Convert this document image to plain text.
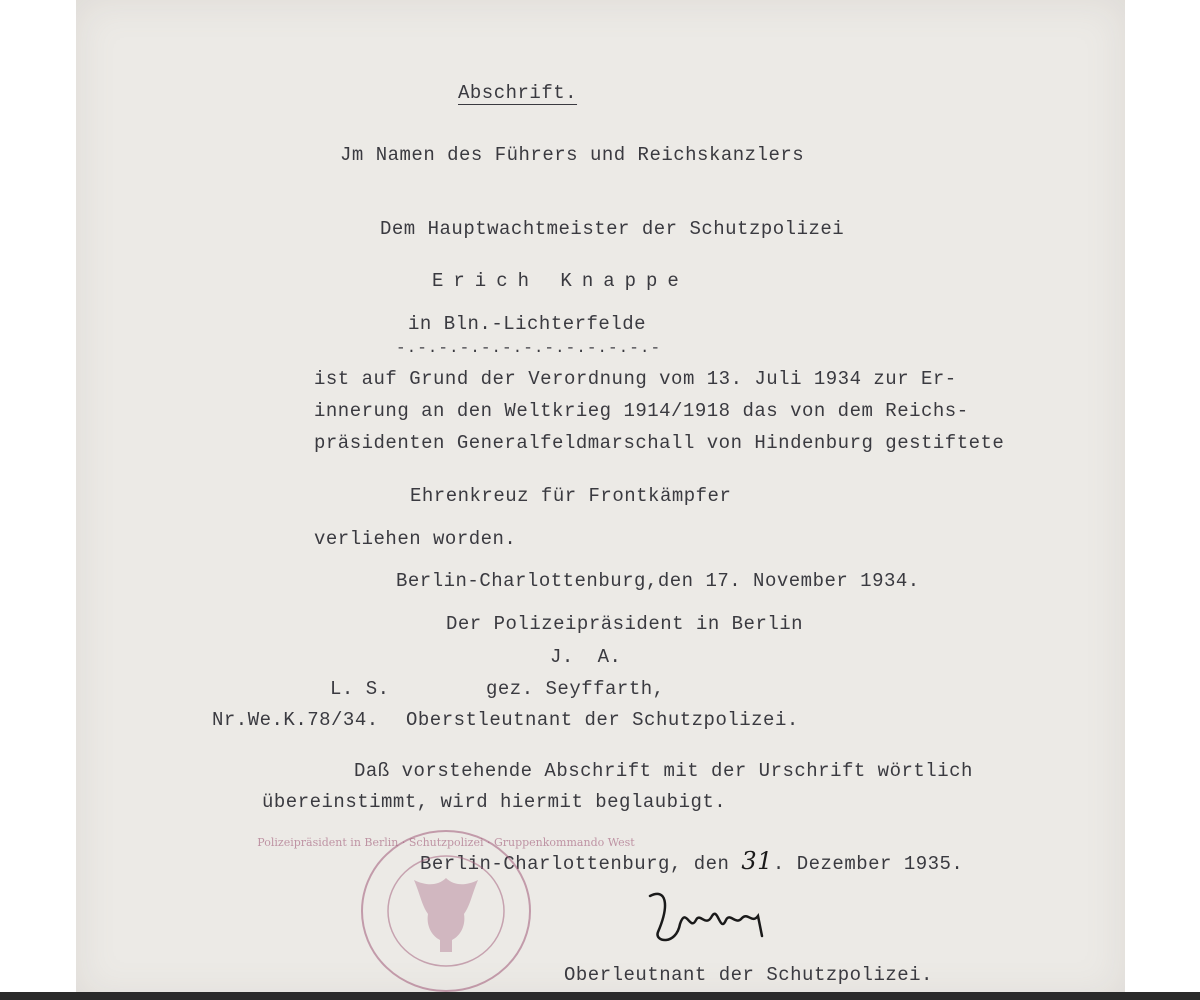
Abschrift.
Jm Namen des Führers und Reichskanzlers
Dem Hauptwachtmeister der Schutzpolizei
Erich Knappe
in Bln.-Lichterfelde
-.-.-.-.-.-.-.-.-.-.-.-.-
ist auf Grund der Verordnung vom 13. Juli 1934 zur Er-
innerung an den Weltkrieg 1914/1918 das von dem Reichs-
präsidenten Generalfeldmarschall von Hindenburg gestiftete
Ehrenkreuz für Frontkämpfer
verliehen worden.
Berlin-Charlottenburg,den 17. November 1934.
Der Polizeipräsident in Berlin
J.  A.
L. S.	gez. Seyffarth,
Nr.We.K.78/34. Oberstleutnant der Schutzpolizei.
Daß vorstehende Abschrift mit der Urschrift wörtlich
übereinstimmt, wird hiermit beglaubigt.
Berlin-Charlottenburg, den 31. Dezember 1935.
Polizeipräsident in Berlin · Schutzpolizei · Gruppenkommando West
Oberleutnant der Schutzpolizei.
